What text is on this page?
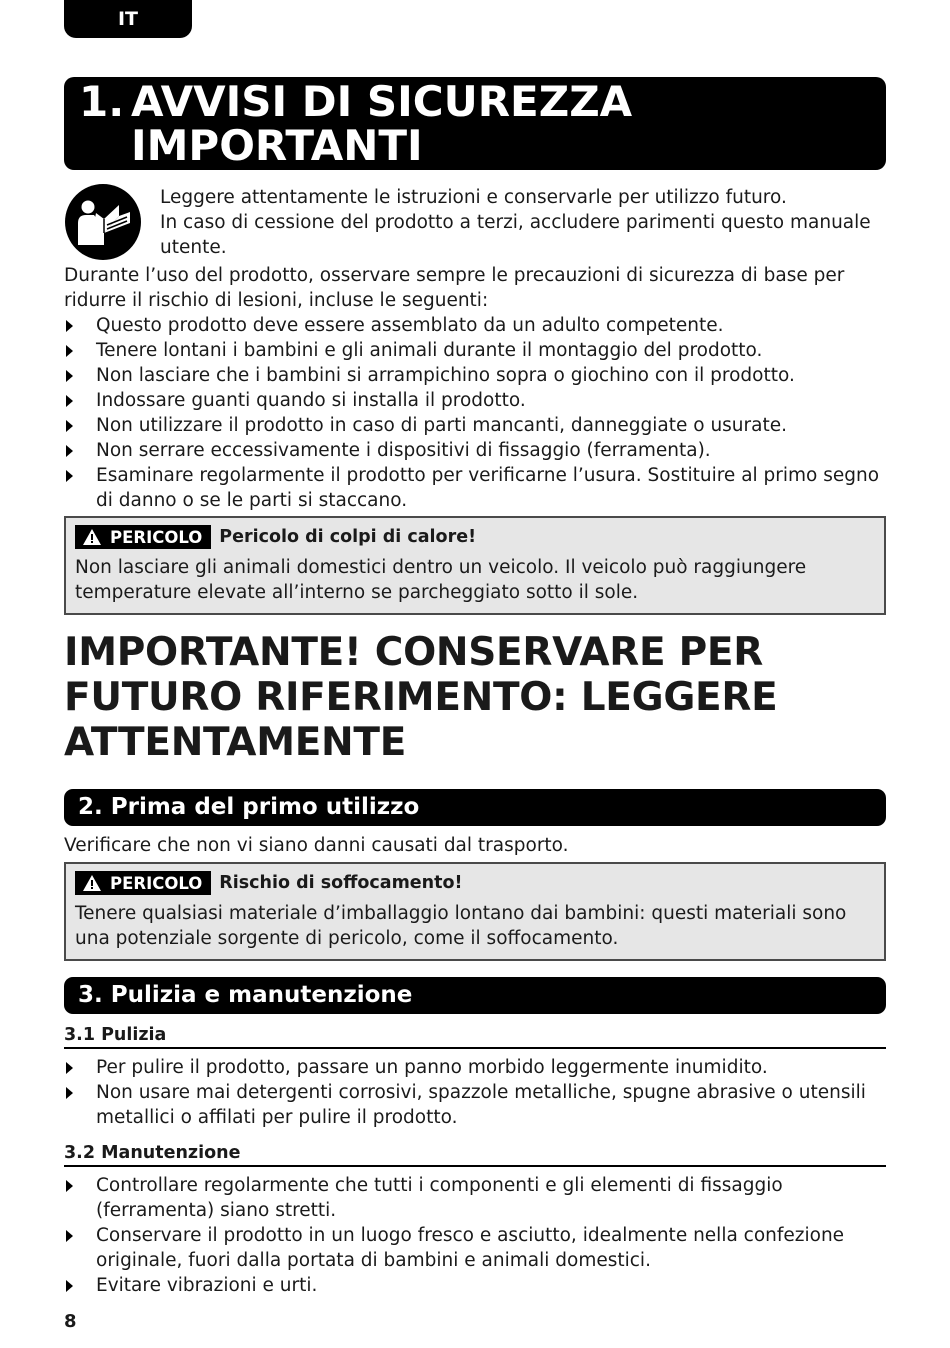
IT
1. AVVISI DI SICUREZZA
IMPORTANTI
Leggere attentamente le istruzioni e conservarle per utilizzo futuro.
In caso di cessione del prodotto a terzi, accludere parimenti questo manuale utente.
Durante l’uso del prodotto, osservare sempre le precauzioni di sicurezza di base per ridurre il rischio di lesioni, incluse le seguenti:
Questo prodotto deve essere assemblato da un adulto competente.
Tenere lontani i bambini e gli animali durante il montaggio del prodotto.
Non lasciare che i bambini si arrampichino sopra o giochino con il prodotto.
Indossare guanti quando si installa il prodotto.
Non utilizzare il prodotto in caso di parti mancanti, danneggiate o usurate.
Non serrare eccessivamente i dispositivi di fissaggio (ferramenta).
Esaminare regolarmente il prodotto per verificarne l’usura. Sostituire al primo segno di danno o se le parti si staccano.
PERICOLO Pericolo di colpi di calore!
Non lasciare gli animali domestici dentro un veicolo. Il veicolo può raggiungere temperature elevate all’interno se parcheggiato sotto il sole.
IMPORTANTE! CONSERVARE PER FUTURO RIFERIMENTO: LEGGERE ATTENTAMENTE
2. Prima del primo utilizzo
Verificare che non vi siano danni causati dal trasporto.
PERICOLO Rischio di soffocamento!
Tenere qualsiasi materiale d’imballaggio lontano dai bambini: questi materiali sono una potenziale sorgente di pericolo, come il soffocamento.
3. Pulizia e manutenzione
3.1 Pulizia
Per pulire il prodotto, passare un panno morbido leggermente inumidito.
Non usare mai detergenti corrosivi, spazzole metalliche, spugne abrasive o utensili metallici o affilati per pulire il prodotto.
3.2 Manutenzione
Controllare regolarmente che tutti i componenti e gli elementi di fissaggio (ferramenta) siano stretti.
Conservare il prodotto in un luogo fresco e asciutto, idealmente nella confezione originale, fuori dalla portata di bambini e animali domestici.
Evitare vibrazioni e urti.
8
